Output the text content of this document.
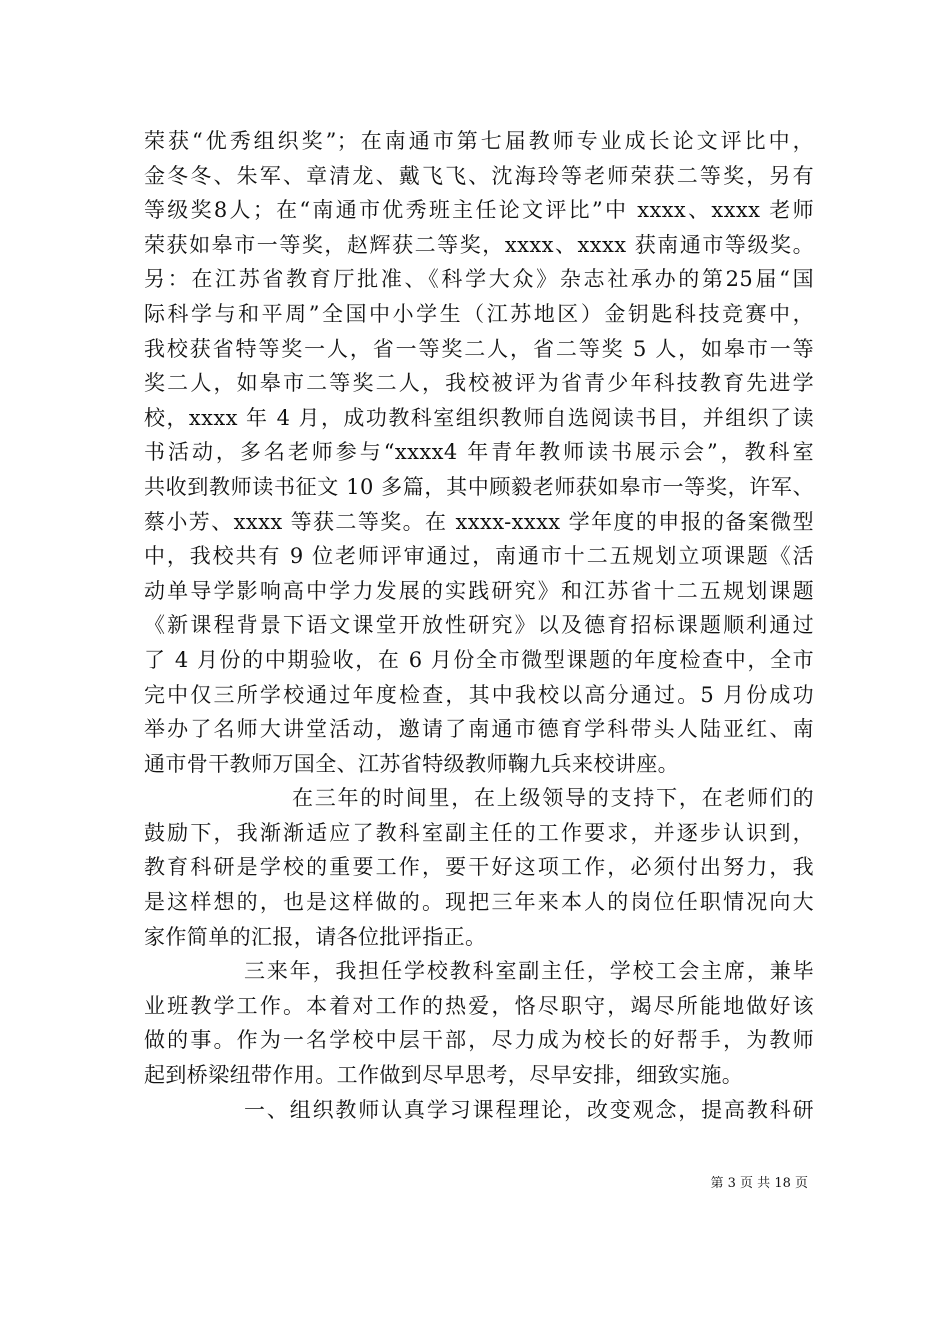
荣获“优秀组织奖”；在南通市第七届教师专业成长论文评比中，
金冬冬、朱军、章清龙、戴飞飞、沈海玲等老师荣获二等奖，另有
等级奖8人；在“南通市优秀班主任论文评比”中 xxxx、xxxx 老师
荣获如皋市一等奖，赵辉获二等奖，xxxx、xxxx 获南通市等级奖。
另：在江苏省教育厅批准、《科学大众》杂志社承办的第25届“国
际科学与和平周”全国中小学生（江苏地区）金钥匙科技竞赛中，
我校获省特等奖一人，省一等奖二人，省二等奖 5 人，如皋市一等
奖二人，如皋市二等奖二人，我校被评为省青少年科技教育先进学
校，xxxx 年 4 月，成功教科室组织教师自选阅读书目，并组织了读
书活动，多名老师参与“xxxx4 年青年教师读书展示会”，教科室
共收到教师读书征文 10 多篇，其中顾毅老师获如皋市一等奖，许军、
蔡小芳、xxxx 等获二等奖。在 xxxx-xxxx 学年度的申报的备案微型
中，我校共有 9 位老师评审通过，南通市十二五规划立项课题《活
动单导学影响高中学力发展的实践研究》和江苏省十二五规划课题
《新课程背景下语文课堂开放性研究》以及德育招标课题顺利通过
了 4 月份的中期验收，在 6 月份全市微型课题的年度检查中，全市
完中仅三所学校通过年度检查，其中我校以高分通过。5 月份成功
举办了名师大讲堂活动，邀请了南通市德育学科带头人陆亚红、南
通市骨干教师万国全、江苏省特级教师鞠九兵来校讲座。
在三年的时间里，在上级领导的支持下，在老师们的
鼓励下，我渐渐适应了教科室副主任的工作要求，并逐步认识到，
教育科研是学校的重要工作，要干好这项工作，必须付出努力，我
是这样想的，也是这样做的。现把三年来本人的岗位任职情况向大
家作简单的汇报，请各位批评指正。
三来年，我担任学校教科室副主任，学校工会主席，兼毕
业班教学工作。本着对工作的热爱，恪尽职守，竭尽所能地做好该
做的事。作为一名学校中层干部，尽力成为校长的好帮手，为教师
起到桥梁纽带作用。工作做到尽早思考，尽早安排，细致实施。
一、组织教师认真学习课程理论，改变观念，提高教科研
第 3 页 共 18 页
